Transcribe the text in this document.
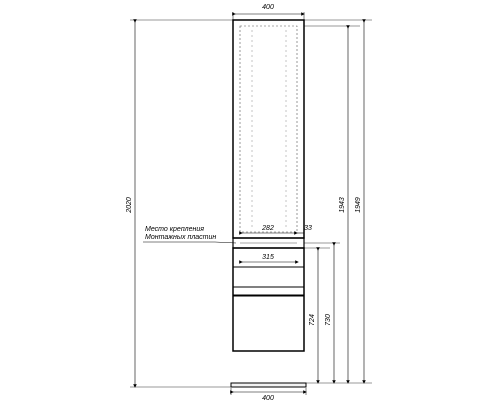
400
400
2020	1943 1949
724 730
282	33
315
Место крепления
Монтажных пластин
